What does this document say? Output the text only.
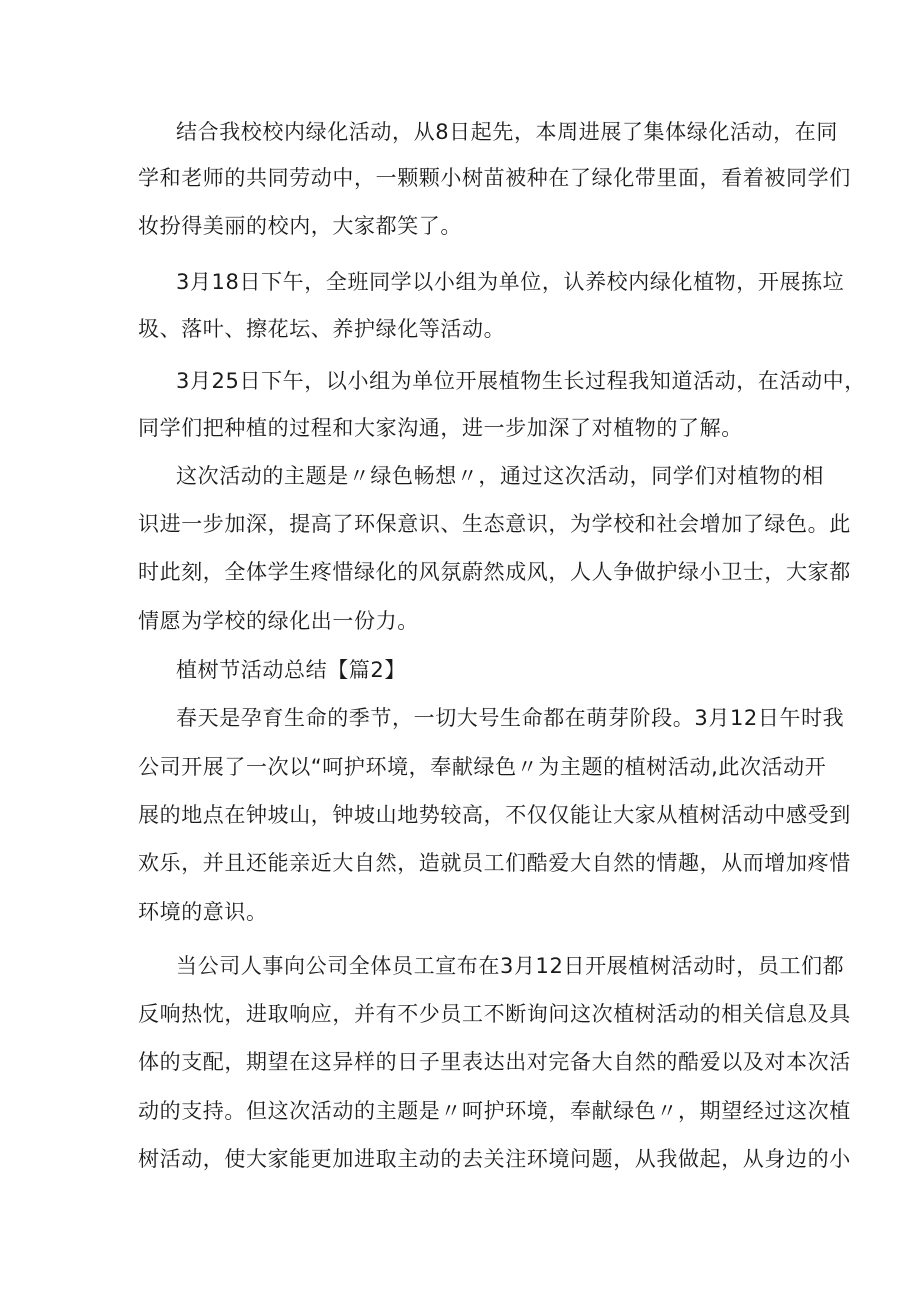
结合我校校内绿化活动，从8日起先，本周进展了集体绿化活动，在同
学和老师的共同劳动中，一颗颗小树苗被种在了绿化带里面，看着被同学们
妆扮得美丽的校内，大家都笑了。
3月18日下午，全班同学以小组为单位，认养校内绿化植物，开展拣垃
圾、落叶、擦花坛、养护绿化等活动。
3月25日下午，以小组为单位开展植物生长过程我知道活动，在活动中，
同学们把种植的过程和大家沟通，进一步加深了对植物的了解。
这次活动的主题是〃绿色畅想〃，通过这次活动，同学们对植物的相
识进一步加深，提高了环保意识、生态意识，为学校和社会增加了绿色。此
时此刻，全体学生疼惜绿化的风氛蔚然成风，人人争做护绿小卫士，大家都
情愿为学校的绿化出一份力。
植树节活动总结【篇2】
春天是孕育生命的季节，一切大号生命都在萌芽阶段。3月12日午时我
公司开展了一次以“呵护环境，奉献绿色〃为主题的植树活动,此次活动开
展的地点在钟坡山，钟坡山地势较高，不仅仅能让大家从植树活动中感受到
欢乐，并且还能亲近大自然，造就员工们酷爱大自然的情趣，从而增加疼惜
环境的意识。
当公司人事向公司全体员工宣布在3月12日开展植树活动时，员工们都
反响热忱，进取响应，并有不少员工不断询问这次植树活动的相关信息及具
体的支配，期望在这异样的日子里表达出对完备大自然的酷爱以及对本次活
动的支持。但这次活动的主题是〃呵护环境，奉献绿色〃，期望经过这次植
树活动，使大家能更加进取主动的去关注环境问题，从我做起，从身边的小
